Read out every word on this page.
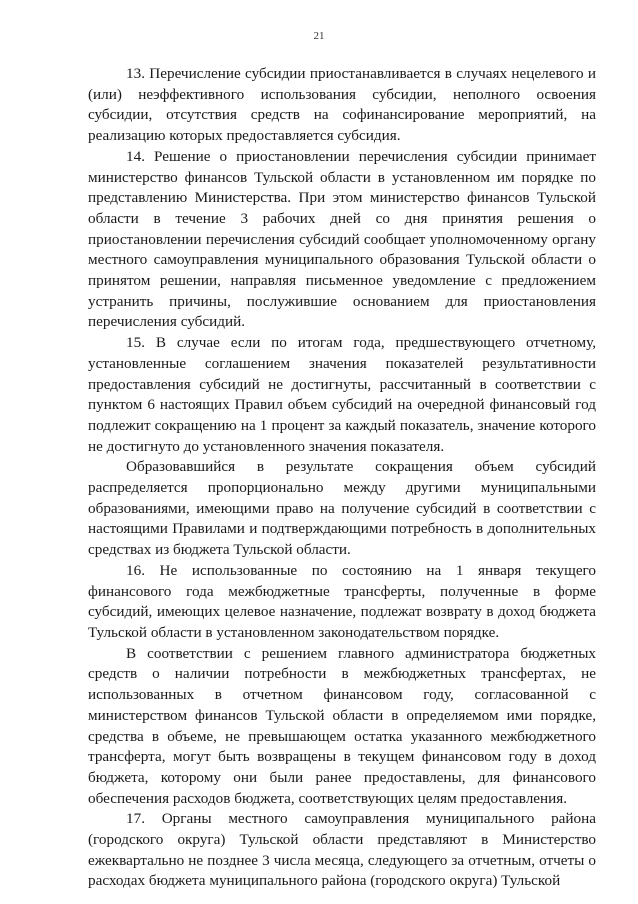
21

13. Перечисление субсидии приостанавливается в случаях нецелевого и (или) неэффективного использования субсидии, неполного освоения субсидии, отсутствия средств на софинансирование мероприятий, на реализацию которых предоставляется субсидия.

14. Решение о приостановлении перечисления субсидии принимает министерство финансов Тульской области в установленном им порядке по представлению Министерства. При этом министерство финансов Тульской области в течение 3 рабочих дней со дня принятия решения о приостановлении перечисления субсидий сообщает уполномоченному органу местного самоуправления муниципального образования Тульской области о принятом решении, направляя письменное уведомление с предложением устранить причины, послужившие основанием для приостановления перечисления субсидий.

15. В случае если по итогам года, предшествующего отчетному, установленные соглашением значения показателей результативности предоставления субсидий не достигнуты, рассчитанный в соответствии с пунктом 6 настоящих Правил объем субсидий на очередной финансовый год подлежит сокращению на 1 процент за каждый показатель, значение которого не достигнуто до установленного значения показателя.

Образовавшийся в результате сокращения объем субсидий распределяется пропорционально между другими муниципальными образованиями, имеющими право на получение субсидий в соответствии с настоящими Правилами и подтверждающими потребность в дополнительных средствах из бюджета Тульской области.

16. Не использованные по состоянию на 1 января текущего финансового года межбюджетные трансферты, полученные в форме субсидий, имеющих целевое назначение, подлежат возврату в доход бюджета Тульской области в установленном законодательством порядке.

В соответствии с решением главного администратора бюджетных средств о наличии потребности в межбюджетных трансфертах, не использованных в отчетном финансовом году, согласованной с министерством финансов Тульской области в определяемом ими порядке, средства в объеме, не превышающем остатка указанного межбюджетного трансферта, могут быть возвращены в текущем финансовом году в доход бюджета, которому они были ранее предоставлены, для финансового обеспечения расходов бюджета, соответствующих целям предоставления.

17. Органы местного самоуправления муниципального района (городского округа) Тульской области представляют в Министерство ежеквартально не позднее 3 числа месяца, следующего за отчетным, отчеты о расходах бюджета муниципального района (городского округа) Тульской
